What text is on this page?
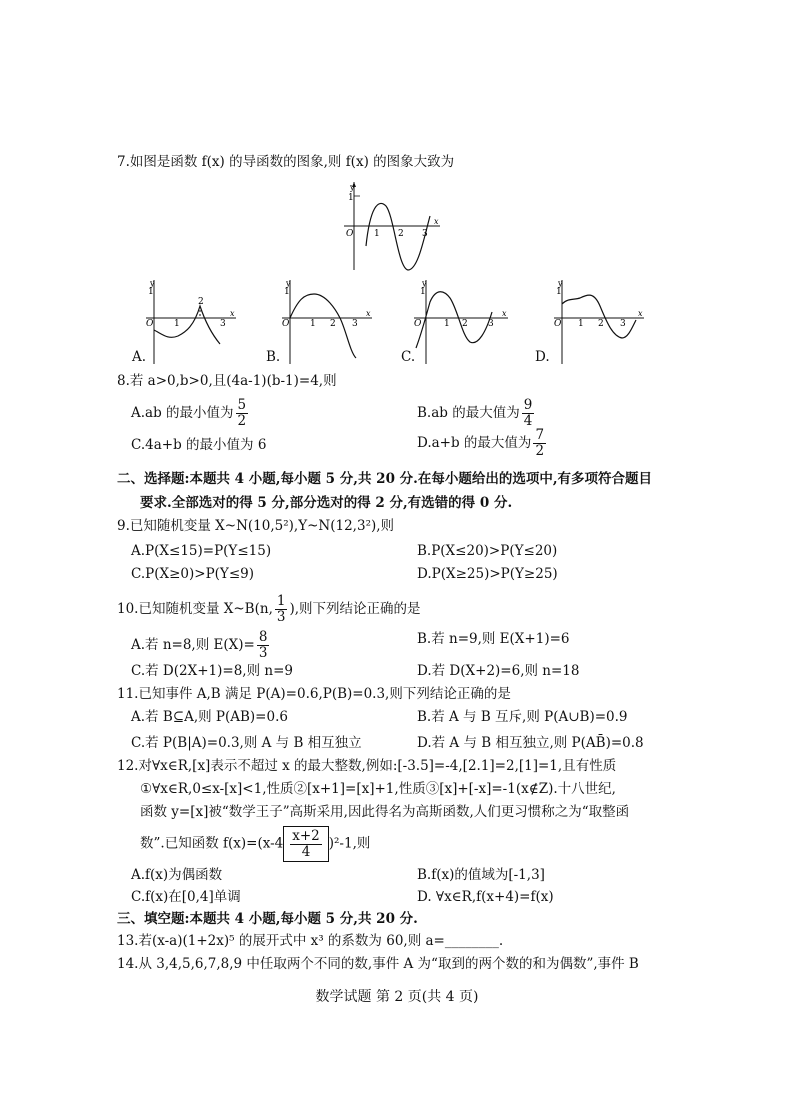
7.如图是函数 f(x) 的导函数的图象,则 f(x) 的图象大致为
y
1
O 1 2 3
x
y
1
O 1
2
3
x
A.
y
1
O 1 2 3
x
B.
y
1
O	1 2 3
x
C.
y
1
O 1 2 3
x
D.
8.若 a>0,b>0,且(4a-1)(b-1)=4,则
A.ab 的最小值为 $\frac{5}{2}$	B.ab 的最大值为 $\frac{9}{4}$
C.4a+b 的最小值为 6	D.a+b 的最大值为 $\frac{7}{2}$
二、选择题:本题共 4 小题,每小题 5 分,共 20 分.在每小题给出的选项中,有多项符合题目
要求.全部选对的得 5 分,部分选对的得 2 分,有选错的得 0 分.
9.已知随机变量 X~N(10,5²),Y~N(12,3²),则
A.P(X≤15)=P(Y≤15)	B.P(X≤20)>P(Y≤20)
C.P(X≥0)>P(Y≤9)	D.P(X≥25)>P(Y≥25)
10.已知随机变量 X~B(n, $\frac{1}{3}$ ),则下列结论正确的是
A.若 n=8,则 $E(X)= \frac{8}{3}$	B.若 n=9,则 E(X+1)=6
C.若 D(2X+1)=8,则 n=9	D.若 D(X+2)=6,则 n=18
11.已知事件 A,B 满足 P(A)=0.6,P(B)=0.3,则下列结论正确的是
A.若 B⊆A,则 P(AB)=0.6	B.若 A 与 B 互斥,则 P(A∪B)=0.9
C.若 P(B|A)=0.3,则 A 与 B 相互独立	D.若 A 与 B 相互独立,则 P(AB̄)=0.8
12.对∀x∈R,[x]表示不超过 x 的最大整数,例如:[-3.5]=-4,[2.1]=2,[1]=1,且有性质
①∀x∈R,0≤x-[x]<1,性质②[x+1]=[x]+1,性质③[x]+[-x]=-1(x∉Z).十八世纪,
函数 y=[x]被“数学王子”高斯采用,因此得名为高斯函数,人们更习惯称之为“取整函
数”.已知函数 $f(x)=(x-4 \frac{x+2}{4} )^2-1$,则
A.f(x)为偶函数	B.f(x)的值域为[-1,3]
C.f(x)在[0,4]单调	D. ∀x∈R,f(x+4)=f(x)
三、填空题:本题共 4 小题,每小题 5 分,共 20 分.
13.若(x-a)(1+2x)⁵ 的展开式中 x³ 的系数为 60,则 a=________.
14.从 3,4,5,6,7,8,9 中任取两个不同的数,事件 A 为“取到的两个数的和为偶数”,事件 B
数学试题 第 2 页(共 4 页)
